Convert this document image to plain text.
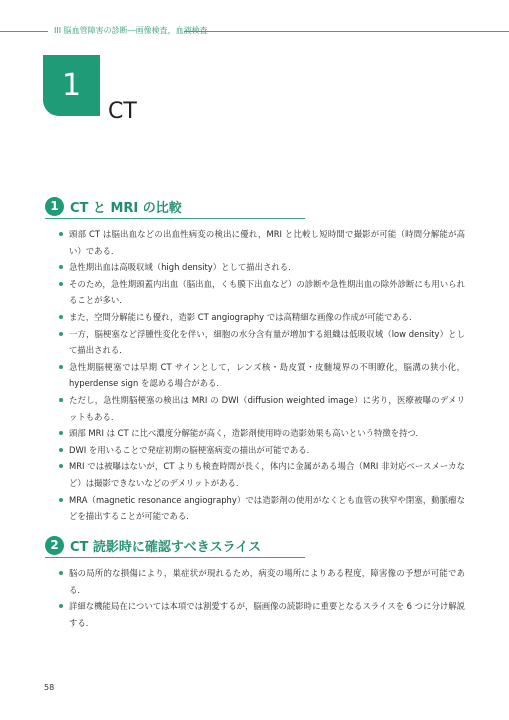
III 脳血管障害の診断―画像検査，血液検査
1
CT
1 CT と MRI の比較
頭部 CT は脳出血などの出血性病変の検出に優れ，MRI と比較し短時間で撮影が可能（時間分解能が高い）である．
急性期出血は高吸収域（high density）として描出される．
そのため，急性期頭蓋内出血（脳出血，くも膜下出血など）の診断や急性期出血の除外診断にも用いられることが多い．
また，空間分解能にも優れ，造影 CT angiography では高精細な画像の作成が可能である．
一方，脳梗塞など浮腫性変化を伴い，細胞の水分含有量が増加する組織は低吸収域（low density）として描出される．
急性期脳梗塞では早期 CT サインとして，レンズ核・島皮質・皮髄境界の不明瞭化，脳溝の狭小化，hyperdense sign を認める場合がある．
ただし，急性期脳梗塞の検出は MRI の DWI（diffusion weighted image）に劣り，医療被曝のデメリットもある．
頭部 MRI は CT に比べ濃度分解能が高く，造影剤使用時の造影効果も高いという特徴を持つ．
DWI を用いることで発症初期の脳梗塞病変の描出が可能である．
MRI では被曝はないが，CT よりも検査時間が長く，体内に金属がある場合（MRI 非対応ペースメーカなど）は撮影できないなどのデメリットがある．
MRA（magnetic resonance angiography）では造影剤の使用がなくとも血管の狭窄や閉塞，動脈瘤などを描出することが可能である．
2 CT 読影時に確認すべきスライス
脳の局所的な損傷により，巣症状が現れるため，病変の場所によりある程度，障害像の予想が可能である．
詳細な機能局在については本項では割愛するが，脳画像の読影時に重要となるスライスを 6 つに分け解説する．
58
